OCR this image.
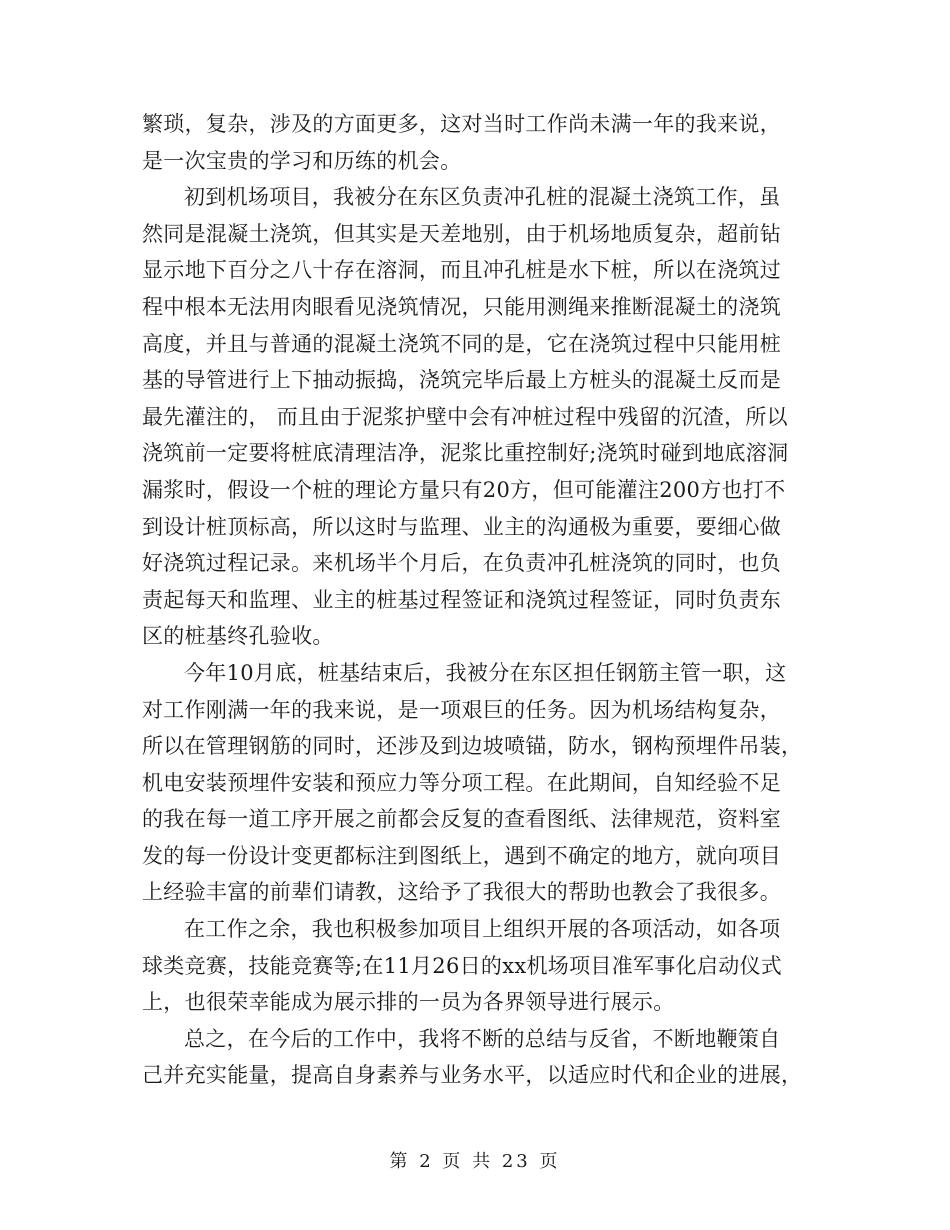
繁琐，复杂，涉及的方面更多，这对当时工作尚未满一年的我来说，
是一次宝贵的学习和历练的机会。
初到机场项目，我被分在东区负责冲孔桩的混凝土浇筑工作，虽
然同是混凝土浇筑，但其实是天差地别，由于机场地质复杂，超前钻
显示地下百分之八十存在溶洞，而且冲孔桩是水下桩，所以在浇筑过
程中根本无法用肉眼看见浇筑情况，只能用测绳来推断混凝土的浇筑
高度，并且与普通的混凝土浇筑不同的是，它在浇筑过程中只能用桩
基的导管进行上下抽动振捣，浇筑完毕后最上方桩头的混凝土反而是
最先灌注的， 而且由于泥浆护壁中会有冲桩过程中残留的沉渣，所以
浇筑前一定要将桩底清理洁净，泥浆比重控制好;浇筑时碰到地底溶洞
漏浆时，假设一个桩的理论方量只有20方，但可能灌注200方也打不
到设计桩顶标高，所以这时与监理、业主的沟通极为重要，要细心做
好浇筑过程记录。来机场半个月后，在负责冲孔桩浇筑的同时，也负
责起每天和监理、业主的桩基过程签证和浇筑过程签证，同时负责东
区的桩基终孔验收。
今年10月底，桩基结束后，我被分在东区担任钢筋主管一职，这
对工作刚满一年的我来说，是一项艰巨的任务。因为机场结构复杂，
所以在管理钢筋的同时，还涉及到边坡喷锚，防水，钢构预埋件吊装，
机电安装预埋件安装和预应力等分项工程。在此期间，自知经验不足
的我在每一道工序开展之前都会反复的查看图纸、法律规范，资料室
发的每一份设计变更都标注到图纸上，遇到不确定的地方，就向项目
上经验丰富的前辈们请教，这给予了我很大的帮助也教会了我很多。
在工作之余，我也积极参加项目上组织开展的各项活动，如各项
球类竞赛，技能竞赛等;在11月26日的xx机场项目准军事化启动仪式
上，也很荣幸能成为展示排的一员为各界领导进行展示。
总之，在今后的工作中，我将不断的总结与反省，不断地鞭策自
己并充实能量，提高自身素养与业务水平，以适应时代和企业的进展，
第 2 页 共 23 页
